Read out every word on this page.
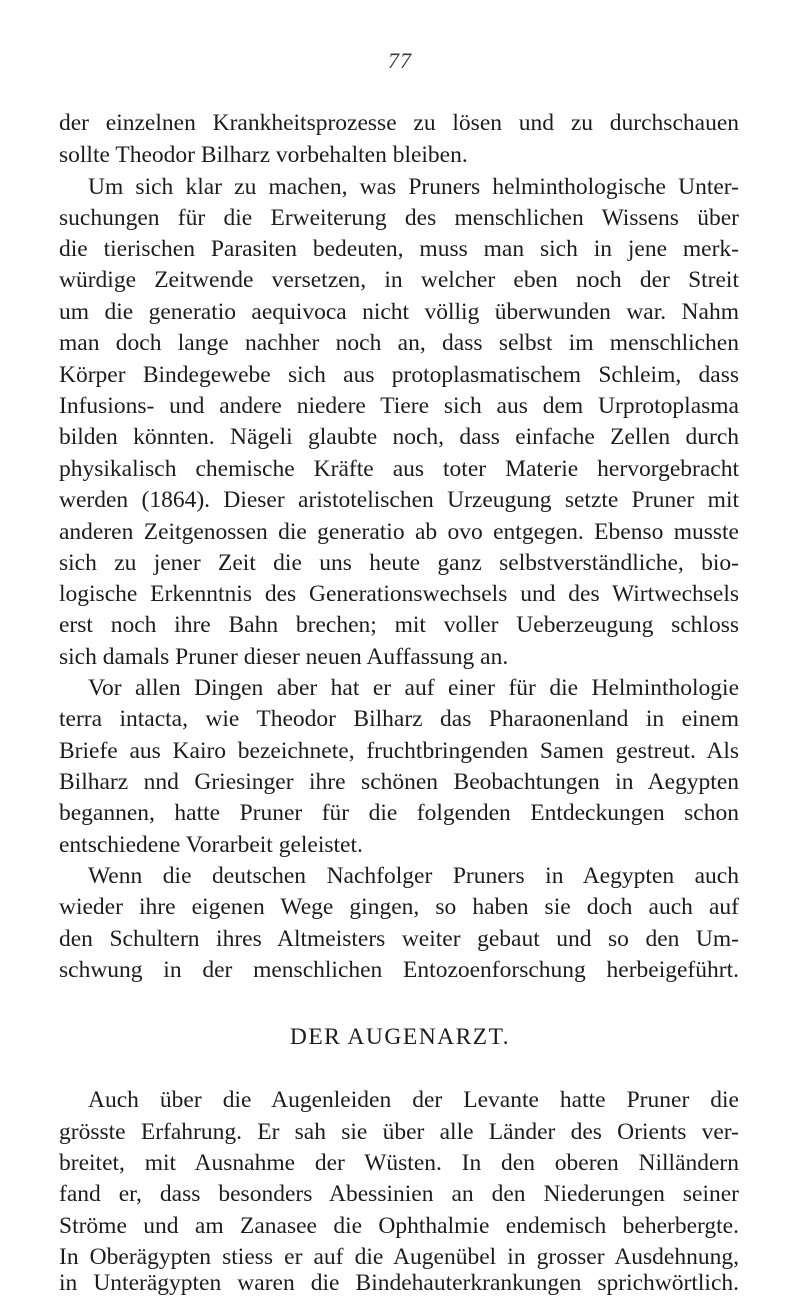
77
der einzelnen Krankheitsprozesse zu lösen und zu durchschauen
sollte Theodor Bilharz vorbehalten bleiben.
Um sich klar zu machen, was Pruners helminthologische Unter-
suchungen für die Erweiterung des menschlichen Wissens über
die tierischen Parasiten bedeuten, muss man sich in jene merk-
würdige Zeitwende versetzen, in welcher eben noch der Streit
um die generatio aequivoca nicht völlig überwunden war. Nahm
man doch lange nachher noch an, dass selbst im menschlichen
Körper Bindegewebe sich aus protoplasmatischem Schleim, dass
Infusions- und andere niedere Tiere sich aus dem Urprotoplasma
bilden könnten. Nägeli glaubte noch, dass einfache Zellen durch
physikalisch chemische Kräfte aus toter Materie hervorgebracht
werden (1864). Dieser aristotelischen Urzeugung setzte Pruner mit
anderen Zeitgenossen die generatio ab ovo entgegen. Ebenso musste
sich zu jener Zeit die uns heute ganz selbstverständliche, bio-
logische Erkenntnis des Generationswechsels und des Wirtwechsels
erst noch ihre Bahn brechen; mit voller Ueberzeugung schloss
sich damals Pruner dieser neuen Auffassung an.
Vor allen Dingen aber hat er auf einer für die Helminthologie
terra intacta, wie Theodor Bilharz das Pharaonenland in einem
Briefe aus Kairo bezeichnete, fruchtbringenden Samen gestreut. Als
Bilharz nnd Griesinger ihre schönen Beobachtungen in Aegypten
begannen, hatte Pruner für die folgenden Entdeckungen schon
entschiedene Vorarbeit geleistet.
Wenn die deutschen Nachfolger Pruners in Aegypten auch
wieder ihre eigenen Wege gingen, so haben sie doch auch auf
den Schultern ihres Altmeisters weiter gebaut und so den Um-
schwung in der menschlichen Entozoenforschung herbeigeführt.
DER AUGENARZT.
Auch über die Augenleiden der Levante hatte Pruner die
grösste Erfahrung. Er sah sie über alle Länder des Orients ver-
breitet, mit Ausnahme der Wüsten. In den oberen Nilländern
fand er, dass besonders Abessinien an den Niederungen seiner
Ströme und am Zanasee die Ophthalmie endemisch beherbergte.
In Oberägypten stiess er auf die Augenübel in grosser Ausdehnung,
in Unterägypten waren die Bindehauterkrankungen sprichwörtlich.
